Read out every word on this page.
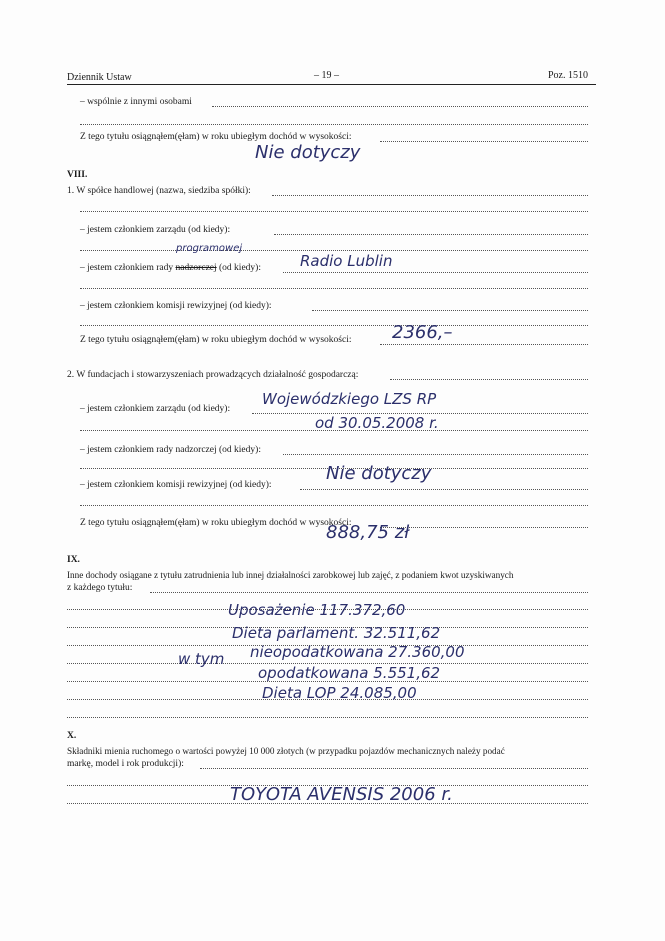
Dziennik Ustaw	– 19 –	Poz. 1510
– wspólnie z innymi osobami
Z tego tytułu osiągnąłem(ęłam) w roku ubiegłym dochód w wysokości:
Nie dotyczy
VIII.
1. W spółce handlowej (nazwa, siedziba spółki):
– jestem członkiem zarządu (od kiedy):
programowej
– jestem członkiem rady nadzorczej (od kiedy):	Radio Lublin
– jestem członkiem komisji rewizyjnej (od kiedy):
Z tego tytułu osiągnąłem(ęłam) w roku ubiegłym dochód w wysokości: 2366,–
2. W fundacjach i stowarzyszeniach prowadzących działalność gospodarczą:
– jestem członkiem zarządu (od kiedy):
Wojewódzkiego LZS RP
od 30.05.2008 r.
– jestem członkiem rady nadzorczej (od kiedy):
– jestem członkiem komisji rewizyjnej (od kiedy):
Nie dotyczy
Z tego tytułu osiągnąłem(ęłam) w roku ubiegłym dochód w wysokości:
888,75 zł
IX.
Inne dochody osiągane z tytułu zatrudnienia lub innej działalności zarobkowej lub zajęć, z podaniem kwot uzyskiwanych
z każdego tytułu:
Uposażenie 117.372,60
Dieta parlament. 32.511,62
w tym nieopodatkowana 27.360,00
opodatkowana 5.551,62
Dieta LOP 24.085,00
X.
Składniki mienia ruchomego o wartości powyżej 10 000 złotych (w przypadku pojazdów mechanicznych należy podać
markę, model i rok produkcji):
TOYOTA AVENSIS 2006 r.
